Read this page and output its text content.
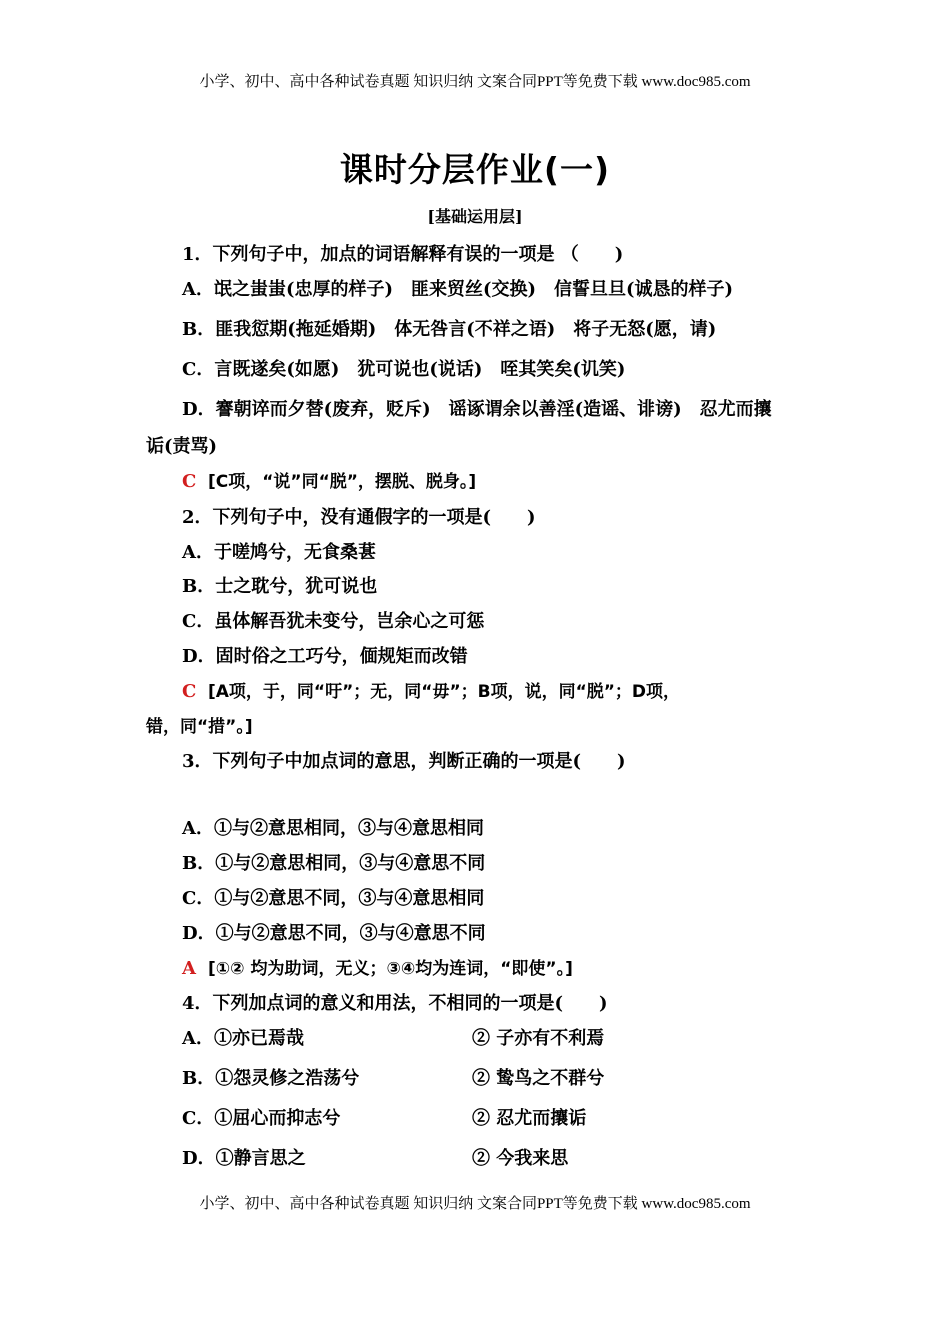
小学、初中、高中各种试卷真题 知识归纳 文案合同PPT等免费下载 www.doc985.com
课时分层作业(一)
[基础运用层]
1．下列句子中，加点的词语解释有误的一项是 （　　)
A．氓之蚩蚩(忠厚的样子)　匪来贸丝(交换)　信誓旦旦(诚恳的样子)
B．匪我愆期(拖延婚期)　体无咎言(不祥之语)　将子无怒(愿，请)
C．言既遂矣(如愿)　犹可说也(说话)　咥其笑矣(讥笑)
D．謇朝谇而夕替(废弃，贬斥)　谣诼谓余以善淫(造谣、诽谤)　忍尤而攘
诟(责骂)
C [C项，“说”同“脱”，摆脱、脱身。]
2．下列句子中，没有通假字的一项是(　　)
A．于嗟鸠兮，无食桑葚
B．士之耽兮，犹可说也
C．虽体解吾犹未变兮，岂余心之可惩
D．固时俗之工巧兮，偭规矩而改错
C [A项，于，同“吁”；无，同“毋”；B项，说，同“脱”；D项，
错，同“措”。]
3．下列句子中加点词的意思，判断正确的一项是(　　)
A．①与②意思相同，③与④意思相同
B．①与②意思相同，③与④意思不同
C．①与②意思不同，③与④意思相同
D．①与②意思不同，③与④意思不同
A [①② 均为助词，无义；③④均为连词，“即使”。]
4．下列加点词的意义和用法，不相同的一项是(　　)
A．①亦已焉哉	② 子亦有不利焉
B．①怨灵修之浩荡兮	② 鸷鸟之不群兮
C．①屈心而抑志兮	② 忍尤而攘诟
D．①静言思之	② 今我来思
小学、初中、高中各种试卷真题 知识归纳 文案合同PPT等免费下载 www.doc985.com
